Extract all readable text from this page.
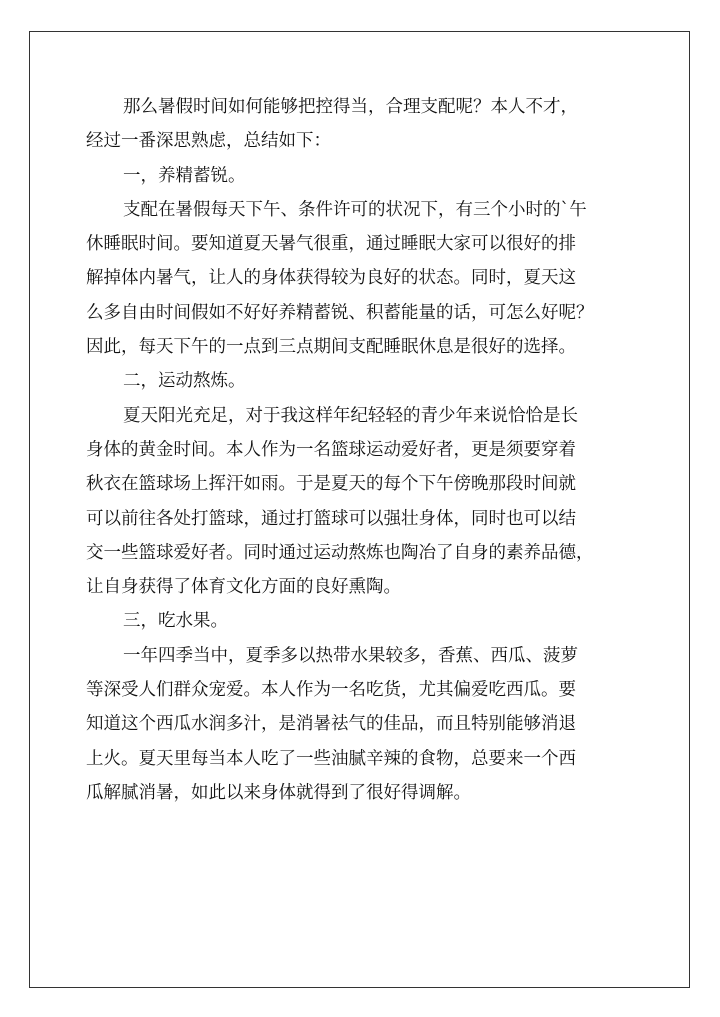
那么暑假时间如何能够把控得当，合理支配呢？本人不才，
经过一番深思熟虑，总结如下：
一，养精蓄锐。
支配在暑假每天下午、条件许可的状况下，有三个小时的`午
休睡眠时间。要知道夏天暑气很重，通过睡眠大家可以很好的排
解掉体内暑气，让人的身体获得较为良好的状态。同时，夏天这
么多自由时间假如不好好养精蓄锐、积蓄能量的话，可怎么好呢？
因此，每天下午的一点到三点期间支配睡眠休息是很好的选择。
二，运动熬炼。
夏天阳光充足，对于我这样年纪轻轻的青少年来说恰恰是长
身体的黄金时间。本人作为一名篮球运动爱好者，更是须要穿着
秋衣在篮球场上挥汗如雨。于是夏天的每个下午傍晚那段时间就
可以前往各处打篮球，通过打篮球可以强壮身体，同时也可以结
交一些篮球爱好者。同时通过运动熬炼也陶冶了自身的素养品德，
让自身获得了体育文化方面的良好熏陶。
三，吃水果。
一年四季当中，夏季多以热带水果较多，香蕉、西瓜、菠萝
等深受人们群众宠爱。本人作为一名吃货，尤其偏爱吃西瓜。要
知道这个西瓜水润多汁，是消暑祛气的佳品，而且特别能够消退
上火。夏天里每当本人吃了一些油腻辛辣的食物，总要来一个西
瓜解腻消暑，如此以来身体就得到了很好得调解。
